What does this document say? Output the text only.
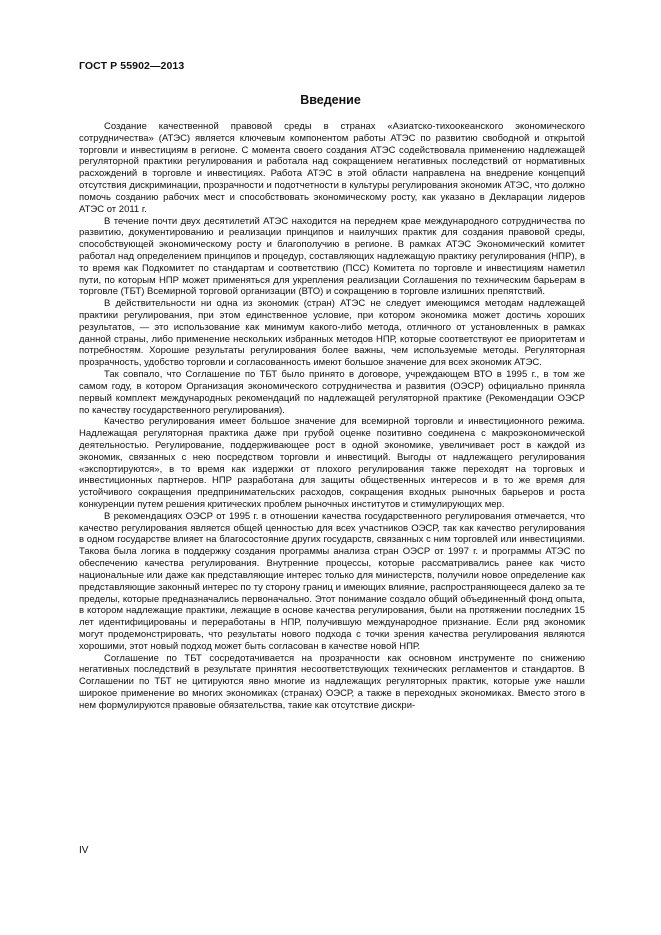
ГОСТ Р 55902—2013
Введение

Создание качественной правовой среды в странах «Азиатско-тихоокеанского экономического сотрудничества» (АТЭС) является ключевым компонентом работы АТЭС по развитию свободной и открытой торговли и инвестициям в регионе. С момента своего создания АТЭС содействовала применению надлежащей регуляторной практики регулирования и работала над сокращением негативных последствий от нормативных расхождений в торговле и инвестициях. Работа АТЭС в этой области направлена на внедрение концепций отсутствия дискриминации, прозрачности и подотчетности в культуры регулирования экономик АТЭС, что должно помочь созданию рабочих мест и способствовать экономическому росту, как указано в Декларации лидеров АТЭС от 2011 г.

В течение почти двух десятилетий АТЭС находится на переднем крае международного сотрудничества по развитию, документированию и реализации принципов и наилучших практик для создания правовой среды, способствующей экономическому росту и благополучию в регионе. В рамках АТЭС Экономический комитет работал над определением принципов и процедур, составляющих надлежащую практику регулирования (НПР), в то время как Подкомитет по стандартам и соответствию (ПСС) Комитета по торговле и инвестициям наметил пути, по которым НПР может применяться для укрепления реализации Соглашения по техническим барьерам в торговле (ТБТ) Всемирной торговой организации (ВТО) и сокращению в торговле излишних препятствий.

В действительности ни одна из экономик (стран) АТЭС не следует имеющимся методам надлежащей практики регулирования, при этом единственное условие, при котором экономика может достичь хороших результатов, — это использование как минимум какого-либо метода, отличного от установленных в рамках данной страны, либо применение нескольких избранных методов НПР, которые соответствуют ее приоритетам и потребностям. Хорошие результаты регулирования более важны, чем используемые методы. Регуляторная прозрачность, удобство торговли и согласованность имеют большое значение для всех экономик АТЭС.

Так совпало, что Соглашение по ТБТ было принято в договоре, учреждающем ВТО в 1995 г., в том же самом году, в котором Организация экономического сотрудничества и развития (ОЭСР) официально приняла первый комплект международных рекомендаций по надлежащей регуляторной практике (Рекомендации ОЭСР по качеству государственного регулирования).

Качество регулирования имеет большое значение для всемирной торговли и инвестиционного режима. Надлежащая регуляторная практика даже при грубой оценке позитивно соединена с макроэкономической деятельностью. Регулирование, поддерживающее рост в одной экономике, увеличивает рост в каждой из экономик, связанных с нею посредством торговли и инвестиций. Выгоды от надлежащего регулирования «экспортируются», в то время как издержки от плохого регулирования также переходят на торговых и инвестиционных партнеров. НПР разработана для защиты общественных интересов и в то же время для устойчивого сокращения предпринимательских расходов, сокращения входных рыночных барьеров и роста конкуренции путем решения критических проблем рыночных институтов и стимулирующих мер.

В рекомендациях ОЭСР от 1995 г. в отношении качества государственного регулирования отмечается, что качество регулирования является общей ценностью для всех участников ОЭСР, так как качество регулирования в одном государстве влияет на благосостояние других государств, связанных с ним торговлей или инвестициями. Такова была логика в поддержку создания программы анализа стран ОЭСР от 1997 г. и программы АТЭС по обеспечению качества регулирования. Внутренние процессы, которые рассматривались ранее как чисто национальные или даже как представляющие интерес только для министерств, получили новое определение как представляющие законный интерес по ту сторону границ и имеющих влияние, распространяющееся далеко за те пределы, которые предназначались первоначально. Этот понимание создало общий объединенный фонд опыта, в котором надлежащие практики, лежащие в основе качества регулирования, были на протяжении последних 15 лет идентифицированы и переработаны в НПР, получившую международное признание. Если ряд экономик могут продемонстрировать, что результаты нового подхода с точки зрения качества регулирования являются хорошими, этот новый подход может быть согласован в качестве новой НПР.

Соглашение по ТБТ сосредотачивается на прозрачности как основном инструменте по снижению негативных последствий в результате принятия несоответствующих технических регламентов и стандартов. В Соглашении по ТБТ не цитируются явно многие из надлежащих регуляторных практик, которые уже нашли широкое применение во многих экономиках (странах) ОЭСР, а также в переходных экономиках. Вместо этого в нем формулируются правовые обязательства, такие как отсутствие дискри-

IV
